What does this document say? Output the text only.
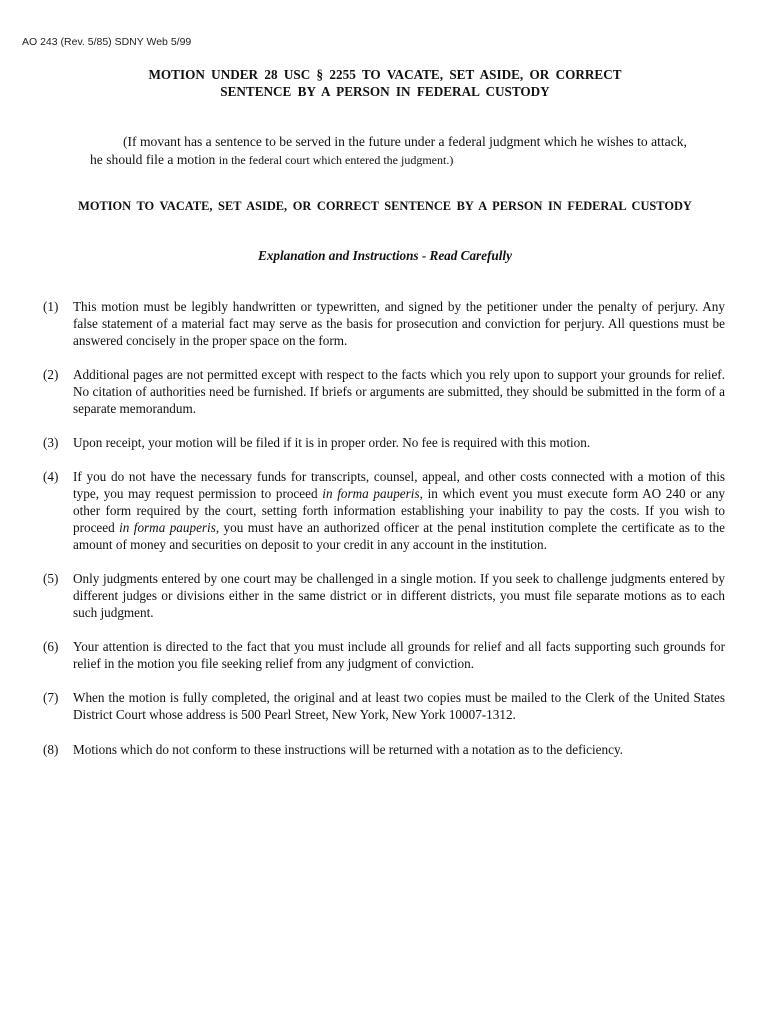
AO 243 (Rev. 5/85) SDNY Web 5/99
MOTION UNDER 28 USC § 2255 TO VACATE, SET ASIDE, OR CORRECT
SENTENCE BY A PERSON IN FEDERAL CUSTODY
(If movant has a sentence to be served in the future under a federal judgment which he wishes to attack,
he should file a motion in the federal court which entered the judgment.)
MOTION TO VACATE, SET ASIDE, OR CORRECT SENTENCE BY A PERSON IN FEDERAL CUSTODY
Explanation and Instructions - Read Carefully
(1) This motion must be legibly handwritten or typewritten, and signed by the petitioner under the penalty of perjury. Any false statement of a material fact may serve as the basis for prosecution and conviction for perjury. All questions must be answered concisely in the proper space on the form.
(2) Additional pages are not permitted except with respect to the facts which you rely upon to support your grounds for relief. No citation of authorities need be furnished. If briefs or arguments are submitted, they should be submitted in the form of a separate memorandum.
(3) Upon receipt, your motion will be filed if it is in proper order. No fee is required with this motion.
(4) If you do not have the necessary funds for transcripts, counsel, appeal, and other costs connected with a motion of this type, you may request permission to proceed in forma pauperis, in which event you must execute form AO 240 or any other form required by the court, setting forth information establishing your inability to pay the costs. If you wish to proceed in forma pauperis, you must have an authorized officer at the penal institution complete the certificate as to the amount of money and securities on deposit to your credit in any account in the institution.
(5) Only judgments entered by one court may be challenged in a single motion. If you seek to challenge judgments entered by different judges or divisions either in the same district or in different districts, you must file separate motions as to each such judgment.
(6) Your attention is directed to the fact that you must include all grounds for relief and all facts supporting such grounds for relief in the motion you file seeking relief from any judgment of conviction.
(7) When the motion is fully completed, the original and at least two copies must be mailed to the Clerk of the United States District Court whose address is 500 Pearl Street, New York, New York 10007-1312.
(8) Motions which do not conform to these instructions will be returned with a notation as to the deficiency.
